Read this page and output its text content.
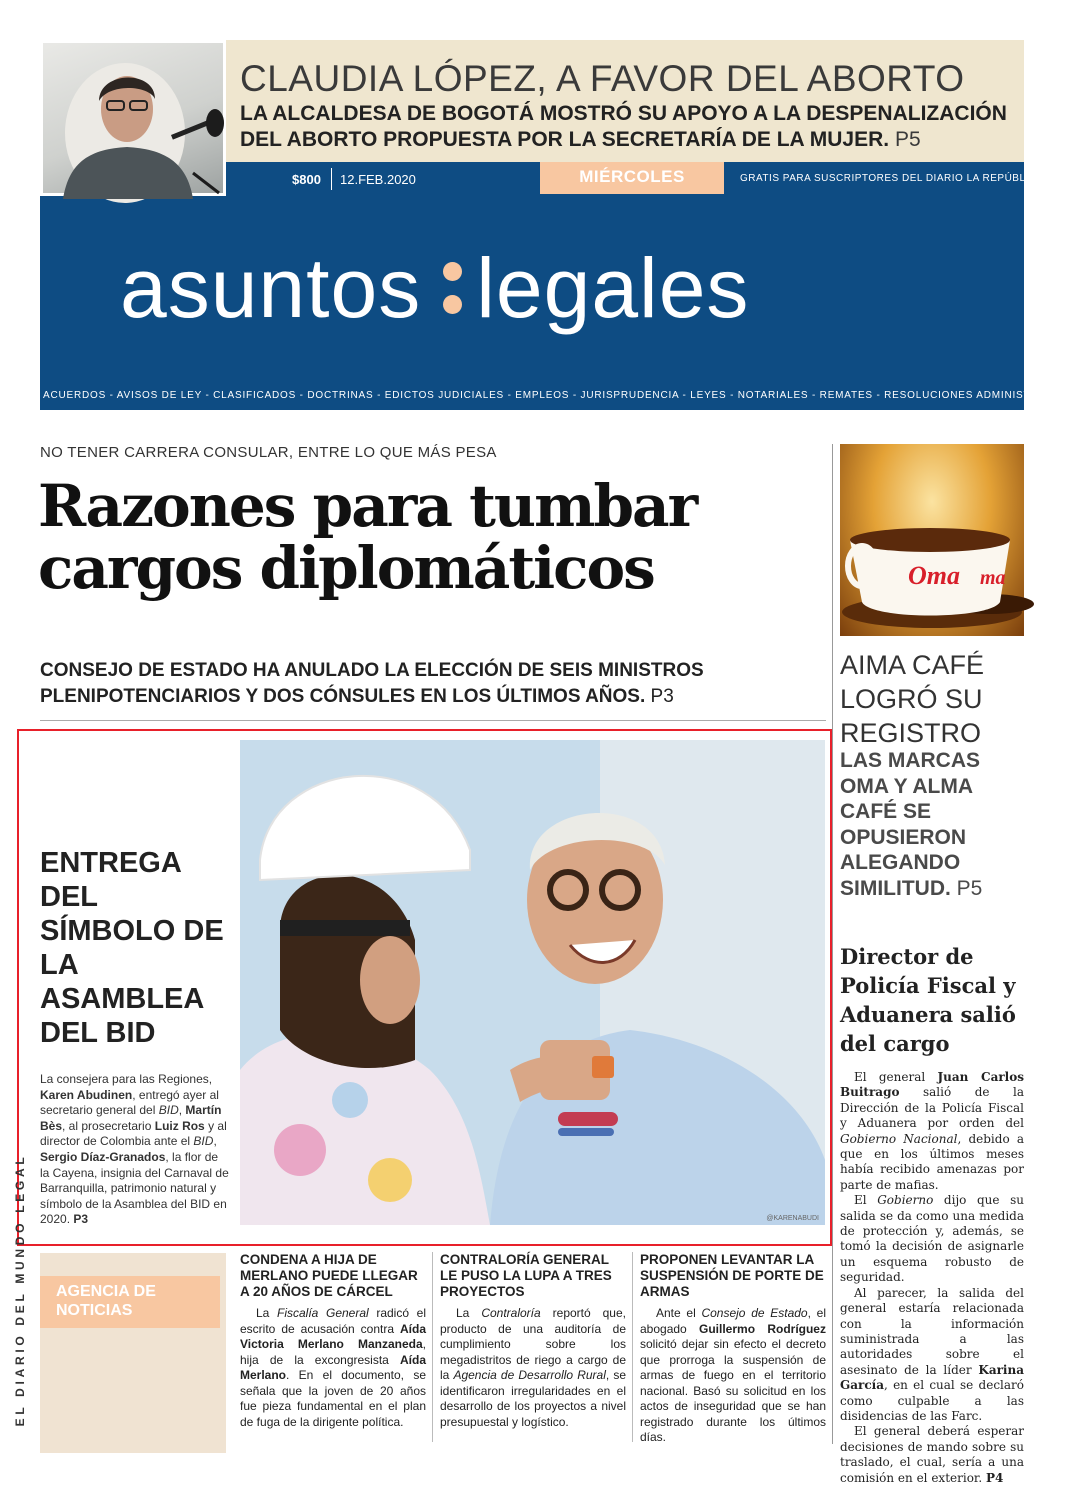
CLAUDIA LÓPEZ, A FAVOR DEL ABORTO
LA ALCALDESA DE BOGOTÁ MOSTRÓ SU APOYO A LA DESPENALIZACIÓN
DEL ABORTO PROPUESTA POR LA SECRETARÍA DE LA MUJER. P5
$800 12.FEB.2020	MIÉRCOLES	GRATIS PARA SUSCRIPTORES DEL DIARIO LA REPÚBLICA
asuntos legales
ACUERDOS - AVISOS DE LEY - CLASIFICADOS - DOCTRINAS - EDICTOS JUDICIALES - EMPLEOS - JURISPRUDENCIA - LEYES - NOTARIALES - REMATES - RESOLUCIONES ADMINISTRATIVAS
NO TENER CARRERA CONSULAR, ENTRE LO QUE MÁS PESA
Razones para tumbar cargos diplomáticos
CONSEJO DE ESTADO HA ANULADO LA ELECCIÓN DE SEIS MINISTROS
PLENIPOTENCIARIOS Y DOS CÓNSULES EN LOS ÚLTIMOS AÑOS. P3
ENTREGA DEL SÍMBOLO DE LA ASAMBLEA DEL BID
La consejera para las Regiones, Karen Abudinen, entregó ayer al secretario general del BID, Martín Bès, al prosecretario Luiz Ros y al director de Colombia ante el BID, Sergio Díaz-Granados, la flor de la Cayena, insignia del Carnaval de Barranquilla, patrimonio natural y símbolo de la Asamblea del BID en 2020. P3	@KARENABUDI
Oma ma
AIMA CAFÉ LOGRÓ SU REGISTRO
LAS MARCAS OMA Y ALMA CAFÉ SE OPUSIERON ALEGANDO SIMILITUD. P5
Director de Policía Fiscal y Aduanera salió del cargo

El general Juan Carlos Buitrago salió de la Dirección de la Policía Fiscal y Aduanera por orden del Gobierno Nacional, debido a que en los últimos meses había recibido amenazas por parte de mafias.

El Gobierno dijo que su salida se da como una medida de protección y, además, se tomó la decisión de asignarle un esquema robusto de seguridad.

Al parecer, la salida del general estaría relacionada con la información suministrada a las autoridades sobre el asesinato de la líder Karina García, en el cual se declaró como culpable a las disidencias de las Farc.

El general deberá esperar decisiones de mando sobre su traslado, el cual, sería a una comisión en el exterior. P4

EL DIARIO DEL MUNDO LEGAL	AGENCIA DE NOTICIAS
CONDENA A HIJA DE MERLANO PUEDE LLEGAR A 20 AÑOS DE CÁRCEL

La Fiscalía General radicó el escrito de acusación contra Aída Victoria Merlano Manzaneda, hija de la excongresista Aída Merlano. En el documento, se señala que la joven de 20 años fue pieza fundamental en el plan de fuga de la dirigente política.

CONTRALORÍA GENERAL LE PUSO LA LUPA A TRES PROYECTOS

La Contraloría reportó que, producto de una auditoría de cumplimiento sobre los megadistritos de riego a cargo de la Agencia de Desarrollo Rural, se identificaron irregularidades en el desarrollo de los proyectos a nivel presupuestal y logístico.

PROPONEN LEVANTAR LA SUSPENSIÓN DE PORTE DE ARMAS

Ante el Consejo de Estado, el abogado Guillermo Rodríguez solicitó dejar sin efecto el decreto que prorroga la suspensión de armas de fuego en el territorio nacional. Basó su solicitud en los actos de inseguridad que se han registrado durante los últimos días.
